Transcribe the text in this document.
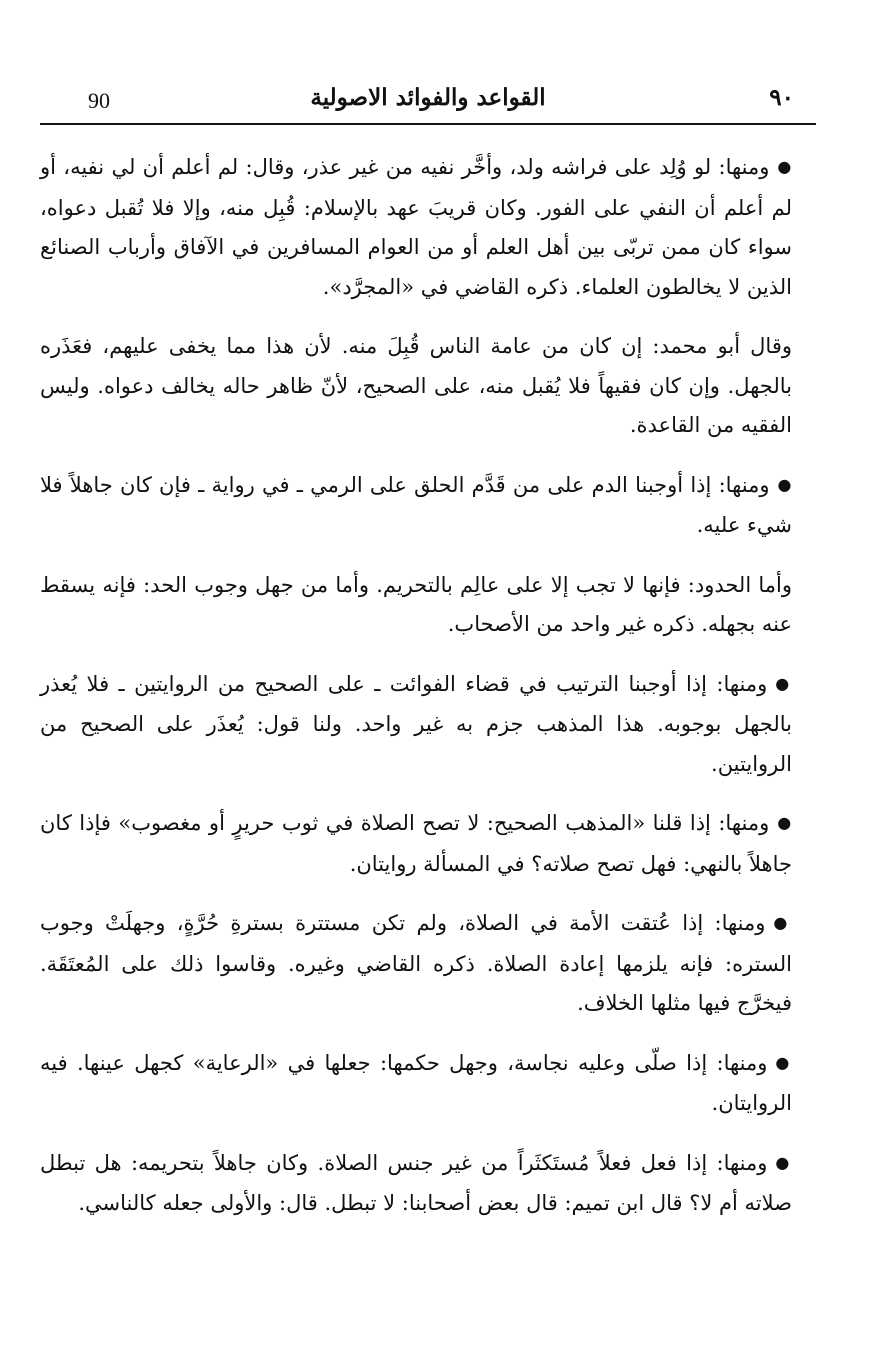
90	القواعد والفوائد الاصولية	٩٠

●ومنها: لو وُلِد على فراشه ولد، وأخَّر نفيه من غير عذر، وقال: لم أعلم أن لي نفيه، أو لم أعلم أن النفي على الفور. وكان قريبَ عهد بالإسلام: قُبِل منه، وإلا فلا تُقبل دعواه، سواء كان ممن تربّى بين أهل العلم أو من العوام المسافرين في الآفاق وأرباب الصنائع الذين لا يخالطون العلماء. ذكره القاضي في «المجرَّد».

وقال أبو محمد: إن كان من عامة الناس قُبِلَ منه. لأن هذا مما يخفى عليهم، فعَذَره بالجهل. وإن كان فقيهاً فلا يُقبل منه، على الصحيح، لأنّ ظاهر حاله يخالف دعواه. وليس الفقيه من القاعدة.

●ومنها: إذا أوجبنا الدم على من قَدَّم الحلق على الرمي ـ في رواية ـ فإن كان جاهلاً فلا شيء عليه.

وأما الحدود: فإنها لا تجب إلا على عالِم بالتحريم. وأما من جهل وجوب الحد: فإنه يسقط عنه بجهله. ذكره غير واحد من الأصحاب.

●ومنها: إذا أوجبنا الترتيب في قضاء الفوائت ـ على الصحيح من الروايتين ـ فلا يُعذر بالجهل بوجوبه. هذا المذهب جزم به غير واحد. ولنا قول: يُعذَر على الصحيح من الروايتين.

●ومنها: إذا قلنا «المذهب الصحيح: لا تصح الصلاة في ثوب حريرٍ أو مغصوب» فإذا كان جاهلاً بالنهي: فهل تصح صلاته؟ في المسألة روايتان.

●ومنها: إذا عُتقت الأمة في الصلاة، ولم تكن مستترة بسترةِ حُرَّةٍ، وجهلَتْ وجوب الستره: فإنه يلزمها إعادة الصلاة. ذكره القاضي وغيره. وقاسوا ذلك على المُعتَقَة. فيخرَّج فيها مثلها الخلاف.

●ومنها: إذا صلّى وعليه نجاسة، وجهل حكمها: جعلها في «الرعاية» كجهل عينها. فيه الروايتان.

●ومنها: إذا فعل فعلاً مُستَكثَراً من غير جنس الصلاة. وكان جاهلاً بتحريمه: هل تبطل صلاته أم لا؟ قال ابن تميم: قال بعض أصحابنا: لا تبطل. قال: والأولى جعله كالناسي.
